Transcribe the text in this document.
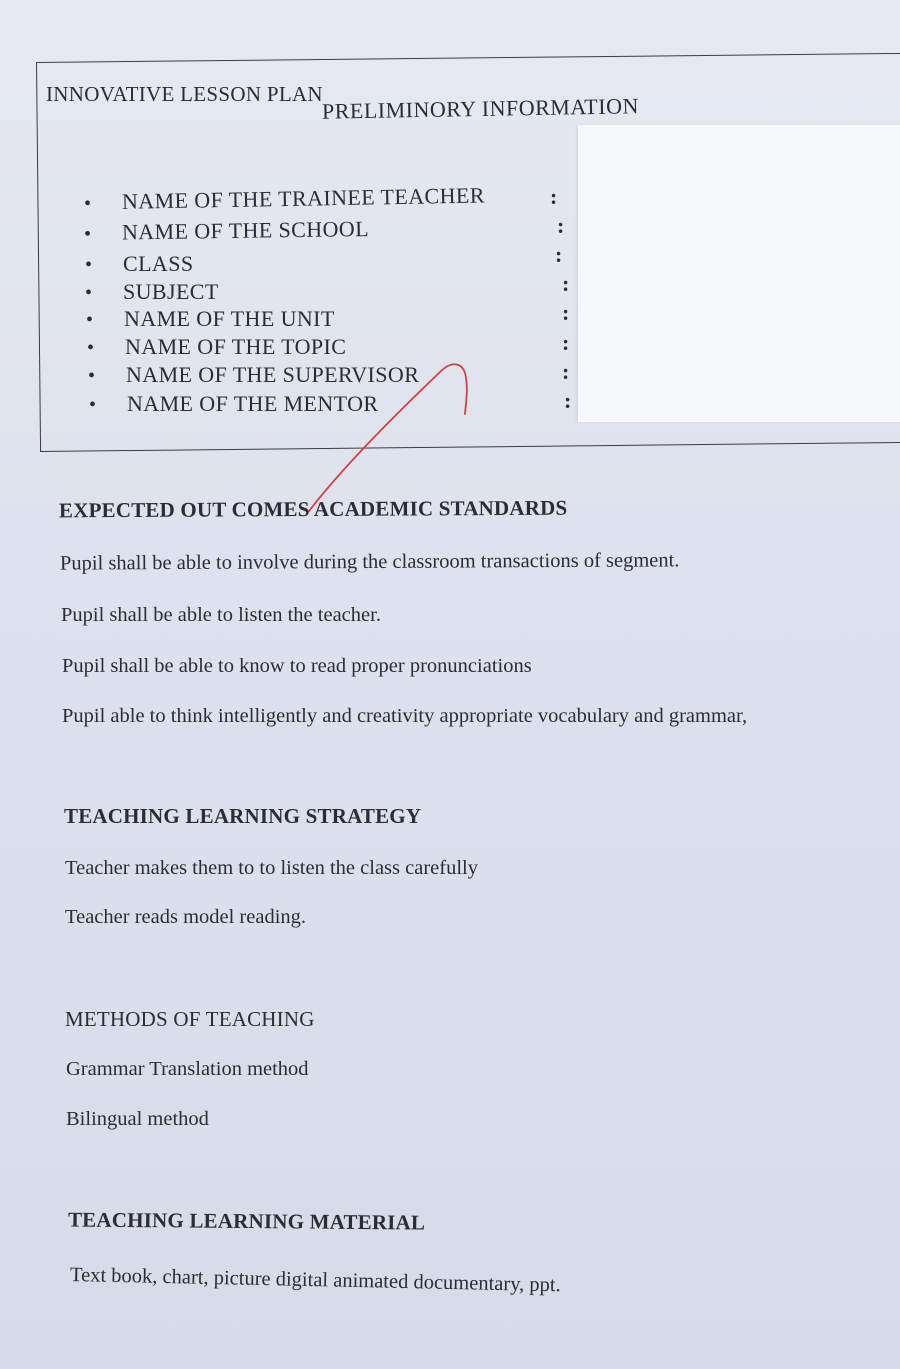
INNOVATIVE LESSON PLAN
PRELIMINORY INFORMATION
• NAME OF THE TRAINEE TEACHER
• NAME OF THE SCHOOL
• CLASS
• SUBJECT
• NAME OF THE UNIT
• NAME OF THE TOPIC
• NAME OF THE SUPERVISOR
• NAME OF THE MENTOR
:
:
:
:
:
:
:
:
EXPECTED OUT COMES ACADEMIC STANDARDS
Pupil shall be able to involve during the classroom transactions of segment.
Pupil shall be able to listen the teacher.
Pupil shall be able to know to read proper pronunciations
Pupil able to think intelligently and creativity appropriate vocabulary and grammar,
TEACHING LEARNING STRATEGY
Teacher makes them to to listen the class carefully
Teacher reads model reading.
METHODS OF TEACHING
Grammar Translation method
Bilingual method
TEACHING LEARNING MATERIAL
Text book, chart, picture digital animated documentary, ppt.
